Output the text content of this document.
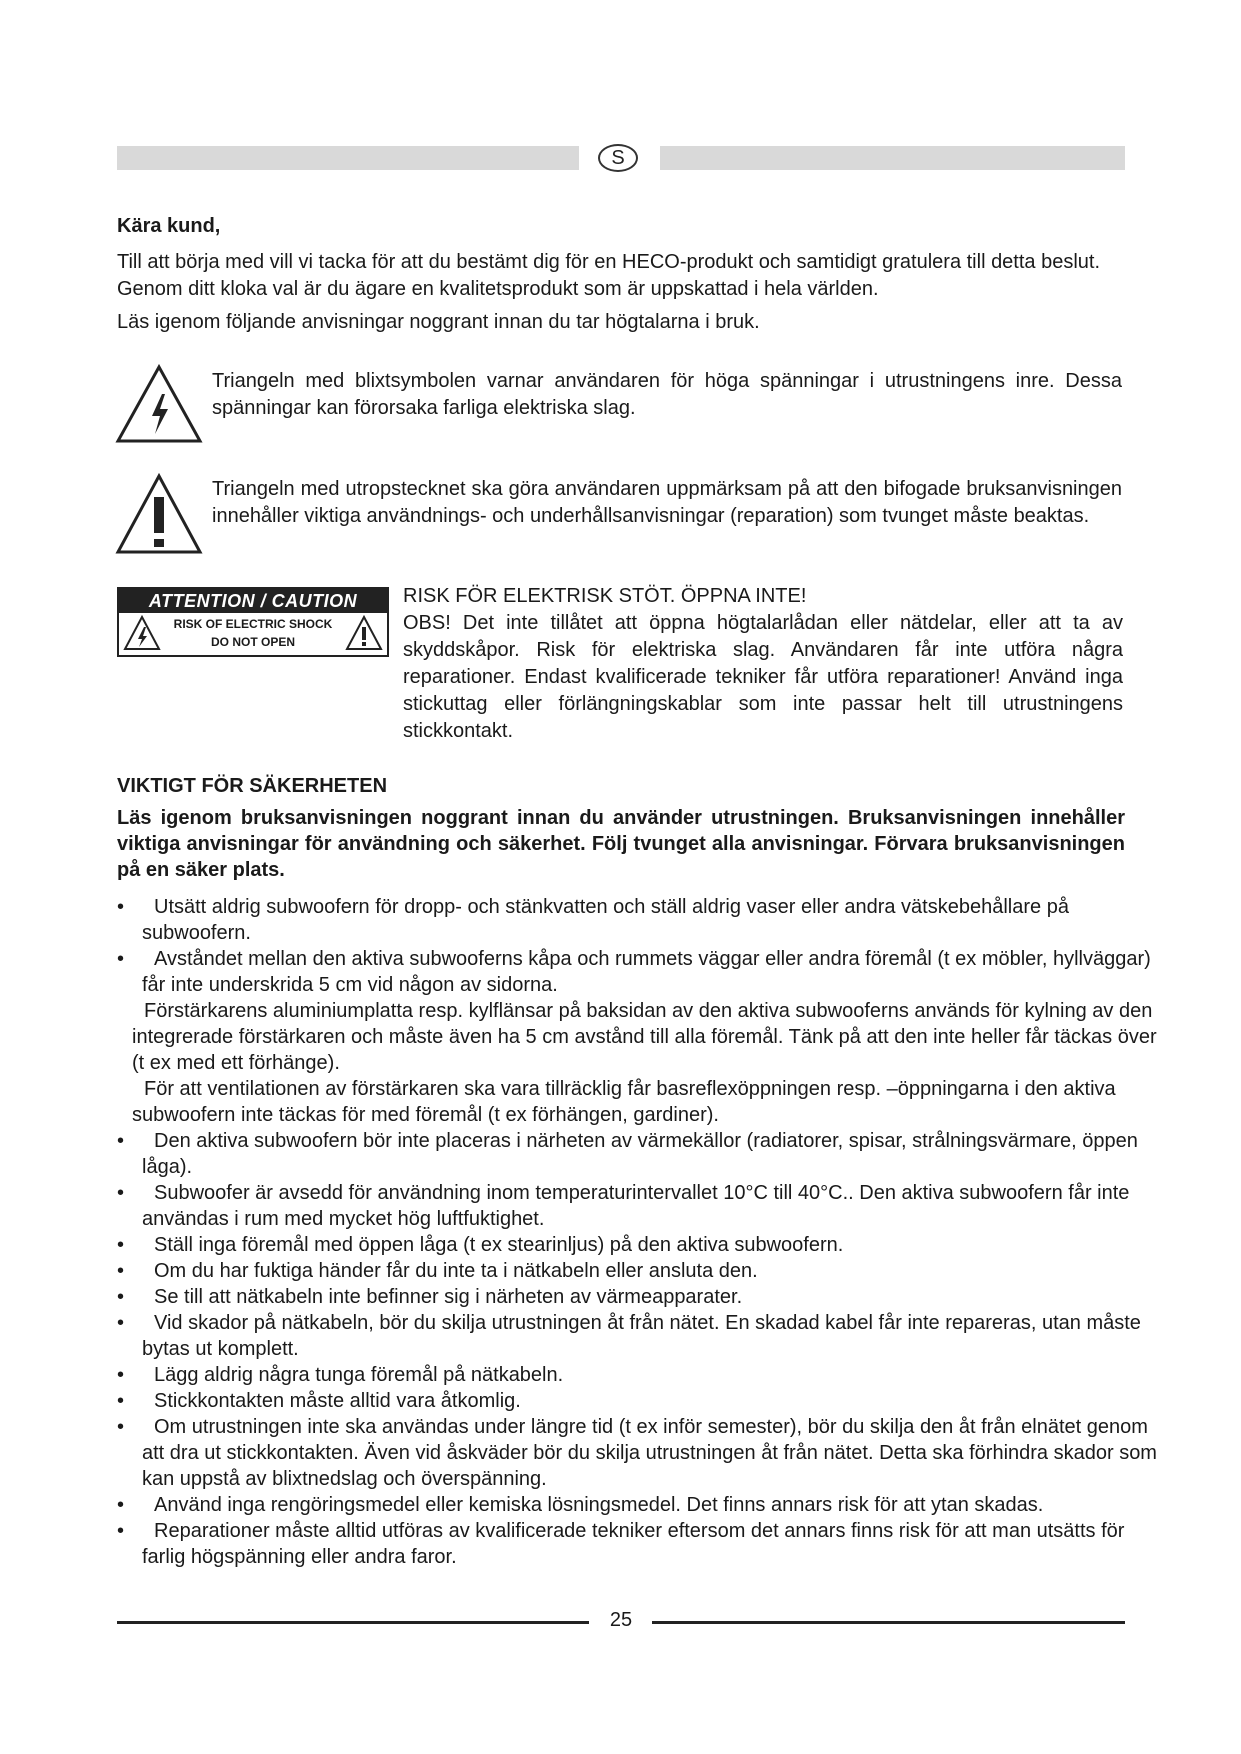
S
Kära kund,

Till att börja med vill vi tacka för att du bestämt dig för en HECO-produkt och samtidigt gratulera till detta beslut. Genom ditt kloka val är du ägare en kvalitetsprodukt som är uppskattad i hela världen.

Läs igenom följande anvisningar noggrant innan du tar högtalarna i bruk.

Triangeln med blixtsymbolen varnar användaren för höga spänningar i utrustningens inre. Dessa spänningar kan förorsaka farliga elektriska slag.

Triangeln med utropstecknet ska göra användaren uppmärksam på att den bifogade bruksanvisningen innehåller viktiga användnings- och underhållsanvisningar (reparation) som tvunget måste beaktas.

ATTENTION / CAUTION
RISK OF ELECTRIC SHOCK
DO NOT OPEN

RISK FÖR ELEKTRISK STÖT. ÖPPNA INTE!

OBS! Det inte tillåtet att öppna högtalarlådan eller nätdelar, eller att ta av skyddskåpor. Risk för elektriska slag. Användaren får inte utföra några reparationer. Endast kvalificerade tekniker får utföra reparationer! Använd inga stickuttag eller förlängningskablar som inte passar helt till utrustningens stickkontakt.

VIKTIGT FÖR SÄKERHETEN

Läs igenom bruksanvisningen noggrant innan du använder utrustningen. Bruksanvisningen innehåller viktiga anvisningar för användning och säkerhet. Följ tvunget alla anvisningar. Förvara bruksanvisningen på en säker plats.

•	Utsätt aldrig subwoofern för dropp- och stänkvatten och ställ aldrig vaser eller andra vätskebehållare på subwoofern.
•	Avståndet mellan den aktiva subwooferns kåpa och rummets väggar eller andra föremål (t ex möbler, hyllväggar) får inte underskrida 5 cm vid någon av sidorna.
Förstärkarens aluminiumplatta resp. kylflänsar på baksidan av den aktiva subwooferns används för kylning av den integrerade förstärkaren och måste även ha 5 cm avstånd till alla föremål. Tänk på att den inte heller får täckas över (t ex med ett förhänge).
För att ventilationen av förstärkaren ska vara tillräcklig får basreflexöppningen resp. –öppningarna i den aktiva subwoofern inte täckas för med föremål (t ex förhängen, gardiner).
•	Den aktiva subwoofern bör inte placeras i närheten av värmekällor (radiatorer, spisar, strålningsvärmare, öppen låga).
•	Subwoofer är avsedd för användning inom temperaturintervallet 10°C till 40°C.. Den aktiva subwoofern får inte användas i rum med mycket hög luftfuktighet.
•	Ställ inga föremål med öppen låga (t ex stearinljus) på den aktiva subwoofern.
•	Om du har fuktiga händer får du inte ta i nätkabeln eller ansluta den.
•	Se till att nätkabeln inte befinner sig i närheten av värmeapparater.
•	Vid skador på nätkabeln, bör du skilja utrustningen åt från nätet. En skadad kabel får inte repareras, utan måste bytas ut komplett.
•	Lägg aldrig några tunga föremål på nätkabeln.
•	Stickkontakten måste alltid vara åtkomlig.
•	Om utrustningen inte ska användas under längre tid (t ex inför semester), bör du skilja den åt från elnätet genom att dra ut stickkontakten. Även vid åskväder bör du skilja utrustningen åt från nätet. Detta ska förhindra skador som kan uppstå av blixtnedslag och överspänning.
•	Använd inga rengöringsmedel eller kemiska lösningsmedel. Det finns annars risk för att ytan skadas.
•	Reparationer måste alltid utföras av kvalificerade tekniker eftersom det annars finns risk för att man utsätts för farlig högspänning eller andra faror.
25
